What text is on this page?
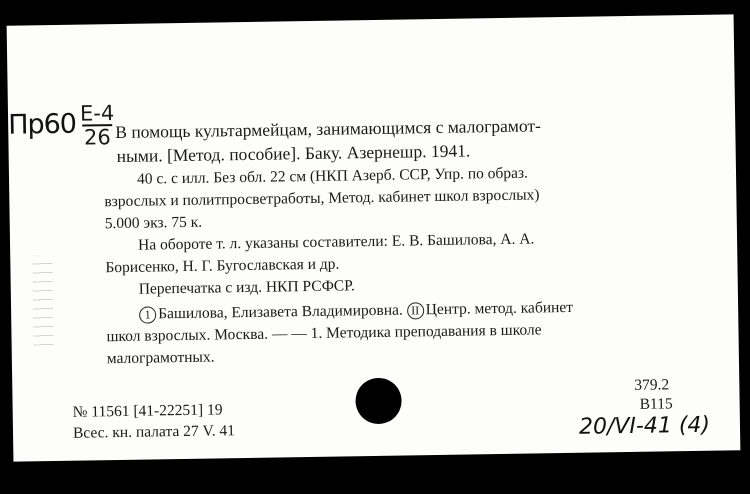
Пр60 Е-4
26 В помощь культармейцам, занимающимся с малограмот-
ными. [Метод. пособие]. Баку. Азернешр. 1941.
40 с. с илл. Без обл. 22 см (НКП Азерб. ССР, Упр. по образ.
взрослых и политпросветработы, Метод. кабинет школ взрослых)
5.000 экз. 75 к.
На обороте т. л. указаны составители: Е. В. Башилова, А. А.
Борисенко, Н. Г. Бугославская и др.
Перепечатка с изд. НКП РСФСР.
1 Башилова, Елизавета Владимировна. II Центр. метод. кабинет
школ взрослых. Москва. — — 1. Методика преподавания в школе
малограмотных.
379.2
В115
№ 11561 [41-22251] 19
Всес. кн. палата 27 V. 41	20/VI-41 (4)
